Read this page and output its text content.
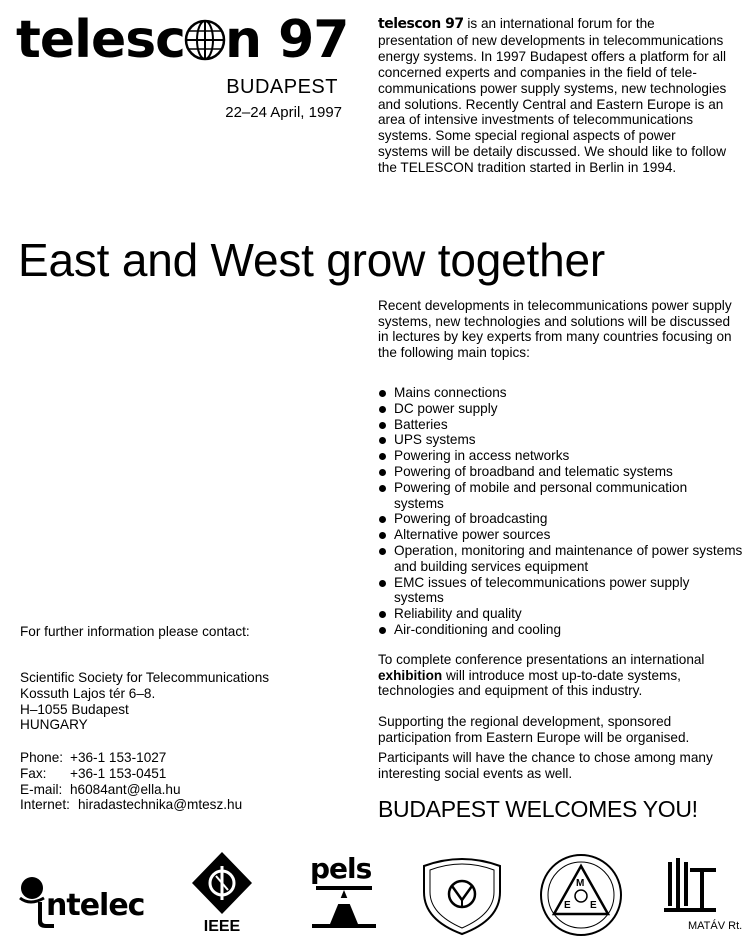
telesc n 97
BUDAPEST
22–24 April, 1997
telescon 97 is an international forum for the presentation of new developments in telecommunications energy systems. In 1997 Budapest offers a platform for all concerned experts and companies in the field of tele-communications power supply systems, new technologies and solutions. Recently Central and Eastern Europe is an area of intensive investments of telecommunications systems. Some special regional aspects of power systems will be detaily discussed. We should like to follow the TELESCON tradition started in Berlin in 1994.
East and West grow together
Recent developments in telecommunications power supply systems, new technologies and solutions will be discussed in lectures by key experts from many countries focusing on the following main topics:
Mains connections
DC power supply
Batteries
UPS systems
Powering in access networks
Powering of broadband and telematic systems
Powering of mobile and personal communication systems
Powering of broadcasting
Alternative power sources
Operation, monitoring and maintenance of power systems and building services equipment
EMC issues of telecommunications power supply systems
Reliability and quality
Air-conditioning and cooling
To complete conference presentations an international exhibition will introduce most up-to-date systems, technologies and equipment of this industry.
Supporting the regional development, sponsored participation from Eastern Europe will be organised.
Participants will have the chance to chose among many interesting social events as well.
BUDAPEST WELCOMES YOU!
For further information please contact:
Scientific Society for Telecommunications
Kossuth Lajos tér 6–8.
H–1055 Budapest
HUNGARY
Phone: +36-1 153-1027
Fax: +36-1 153-0451
E-mail: h6084ant@ella.hu
Internet: hiradastechnika@mtesz.hu
ntelec
IEEE
pels	M
E E
MATÁV Rt.
